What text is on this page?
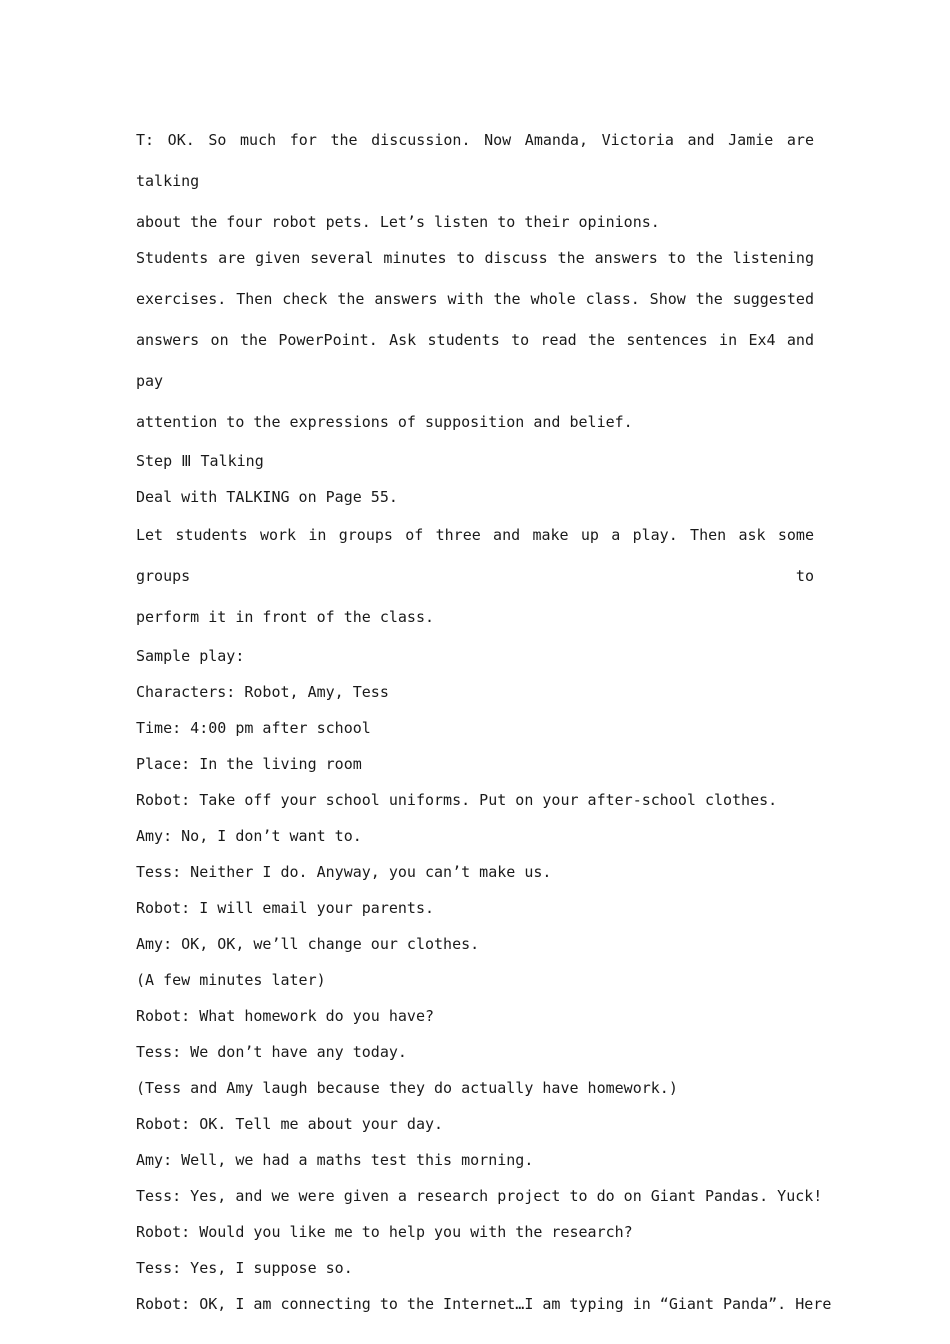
T: OK. So much for the discussion. Now Amanda, Victoria and Jamie are talking
about the four robot pets. Let’s listen to their opinions.
Students are given several minutes to discuss the answers to the listening
exercises. Then check the answers with the whole class. Show the suggested
answers on the PowerPoint. Ask students to read the sentences in Ex4 and pay
attention to the expressions of supposition and belief.

Step Ⅲ Talking

Deal with TALKING on Page 55.

Let students work in groups of three and make up a play. Then ask some groups to
perform it in front of the class.

Sample play:

Characters: Robot, Amy, Tess

Time: 4:00 pm after school

Place: In the living room

Robot: Take off your school uniforms. Put on your after-school clothes.

Amy: No, I don’t want to.

Tess: Neither I do. Anyway, you can’t make us.

Robot: I will email your parents.

Amy: OK, OK, we’ll change our clothes.

(A few minutes later)

Robot: What homework do you have?

Tess: We don’t have any today.

(Tess and Amy laugh because they do actually have homework.)

Robot: OK. Tell me about your day.

Amy: Well, we had a maths test this morning.

Tess: Yes, and we were given a research project to do on Giant Pandas. Yuck!

Robot: Would you like me to help you with the research?

Tess: Yes, I suppose so.

Robot: OK, I am connecting to the Internet…I am typing in “Giant Panda”. Here
